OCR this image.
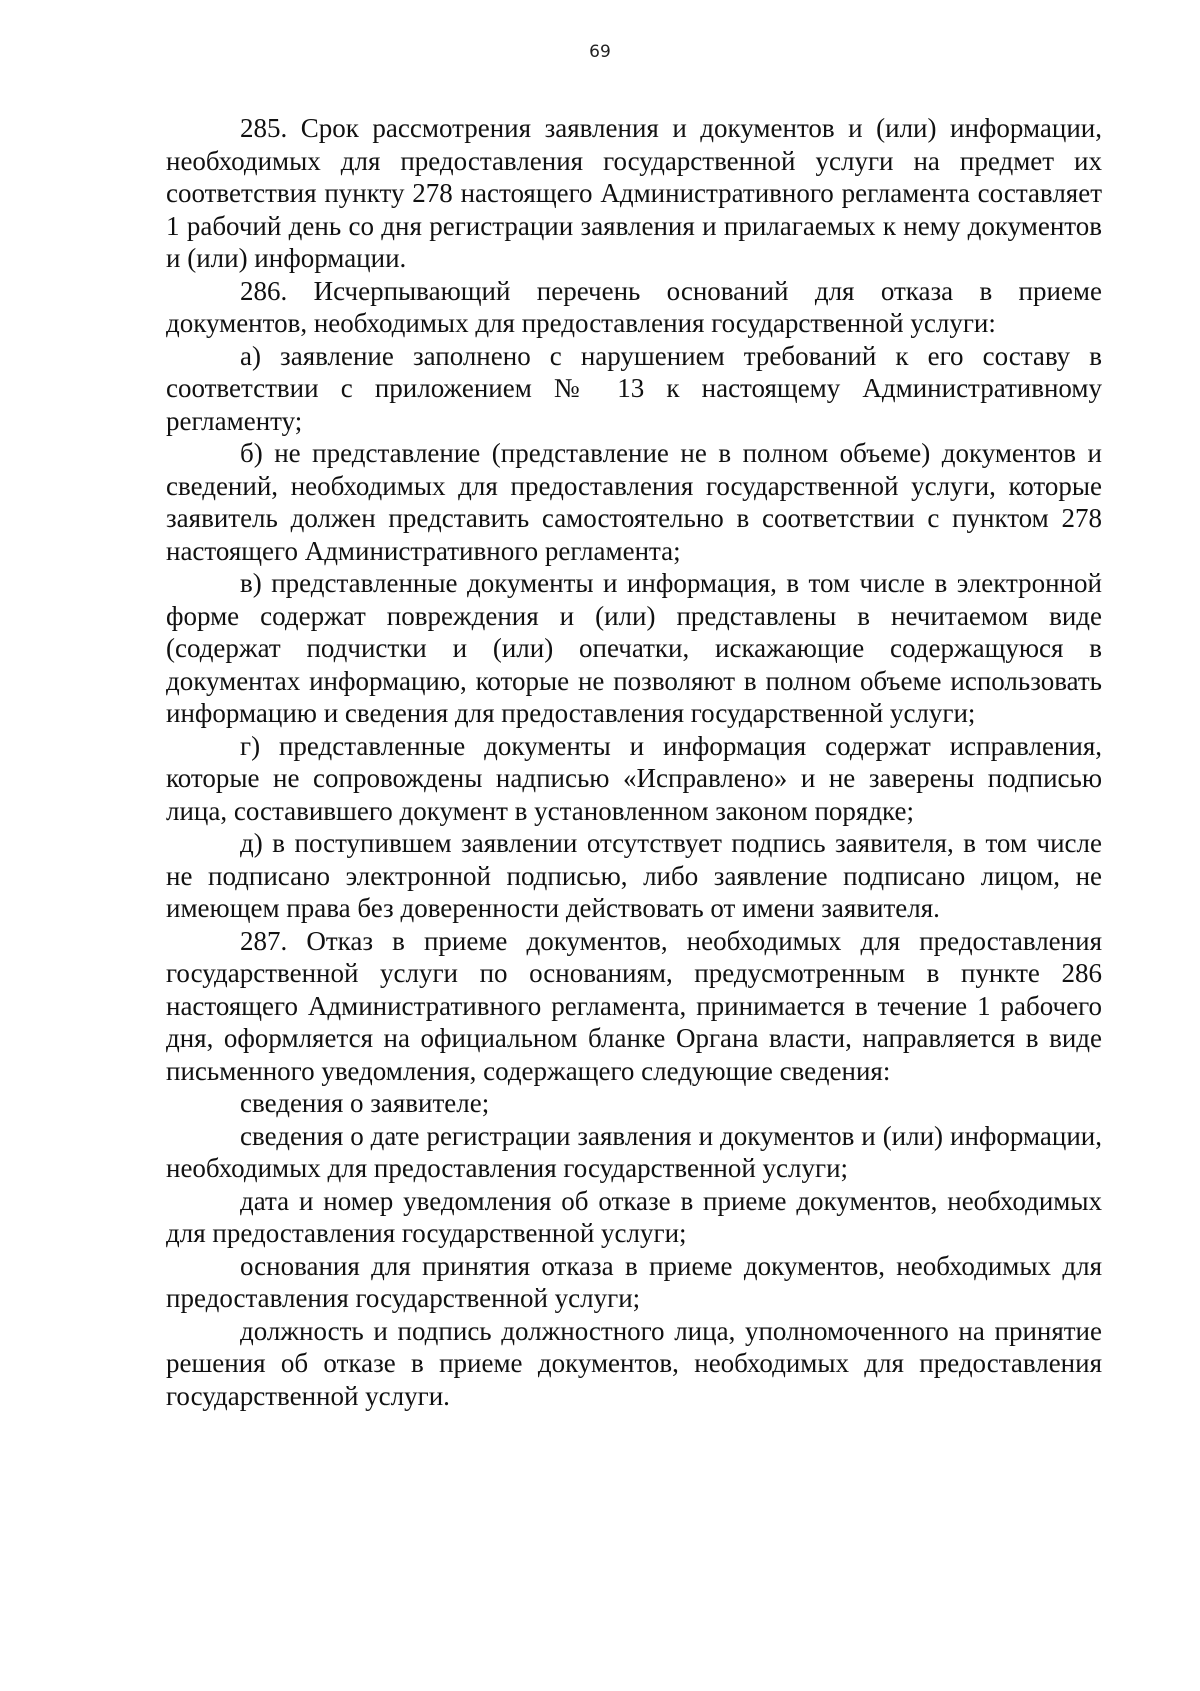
69

285. Срок рассмотрения заявления и документов и (или) информации, необходимых для предоставления государственной услуги на предмет их соответствия пункту 278 настоящего Административного регламента составляет 1 рабочий день со дня регистрации заявления и прилагаемых к нему документов и (или) информации.

286. Исчерпывающий перечень оснований для отказа в приеме документов, необходимых для предоставления государственной услуги:

а) заявление заполнено с нарушением требований к его составу в соответствии с приложением № 13 к настоящему Административному регламенту;

б) не представление (представление не в полном объеме) документов и сведений, необходимых для предоставления государственной услуги, которые заявитель должен представить самостоятельно в соответствии с пунктом 278 настоящего Административного регламента;

в) представленные документы и информация, в том числе в электронной форме содержат повреждения и (или) представлены в нечитаемом виде (содержат подчистки и (или) опечатки, искажающие содержащуюся в документах информацию, которые не позволяют в полном объеме использовать информацию и сведения для предоставления государственной услуги;

г) представленные документы и информация содержат исправления, которые не сопровождены надписью «Исправлено» и не заверены подписью лица, составившего документ в установленном законом порядке;

д) в поступившем заявлении отсутствует подпись заявителя, в том числе не подписано электронной подписью, либо заявление подписано лицом, не имеющем права без доверенности действовать от имени заявителя.

287. Отказ в приеме документов, необходимых для предоставления государственной услуги по основаниям, предусмотренным в пункте 286 настоящего Административного регламента, принимается в течение 1 рабочего дня, оформляется на официальном бланке Органа власти, направляется в виде письменного уведомления, содержащего следующие сведения:

сведения о заявителе;

сведения о дате регистрации заявления и документов и (или) информации, необходимых для предоставления государственной услуги;

дата и номер уведомления об отказе в приеме документов, необходимых для предоставления государственной услуги;

основания для принятия отказа в приеме документов, необходимых для предоставления государственной услуги;

должность и подпись должностного лица, уполномоченного на принятие решения об отказе в приеме документов, необходимых для предоставления государственной услуги.
